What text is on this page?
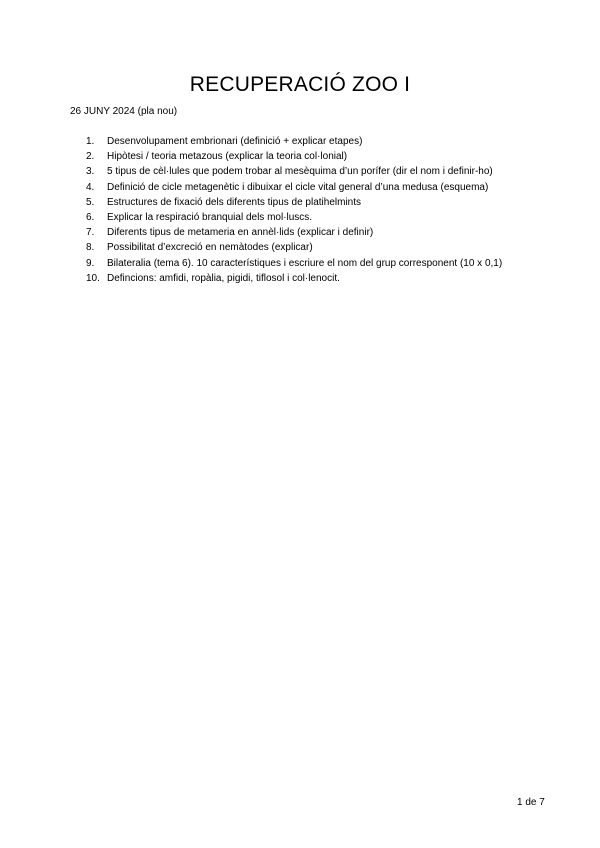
RECUPERACIÓ ZOO I

26 JUNY 2024 (pla nou)

1.	Desenvolupament embrionari (definició + explicar etapes)
2.	Hipòtesi / teoria metazous (explicar la teoria col·lonial)
3.	5 tipus de cèl·lules que podem trobar al mesèquima d’un porífer (dir el nom i definir-ho)
4.	Definició de cicle metagenètic i dibuixar el cicle vital general d’una medusa (esquema)
5.	Estructures de fixació dels diferents tipus de platihelmints
6.	Explicar la respiració branquial dels mol·luscs.
7.	Diferents tipus de metameria en annèl·lids (explicar i definir)
8.	Possibilitat d’excreció en nemàtodes (explicar)
9.	Bilateralia (tema 6). 10 característiques i escriure el nom del grup corresponent (10 x 0,1)
10. Defincions: amfidi, ropàlia, pigidi, tiflosol i col·lenocit.

1 de 7
